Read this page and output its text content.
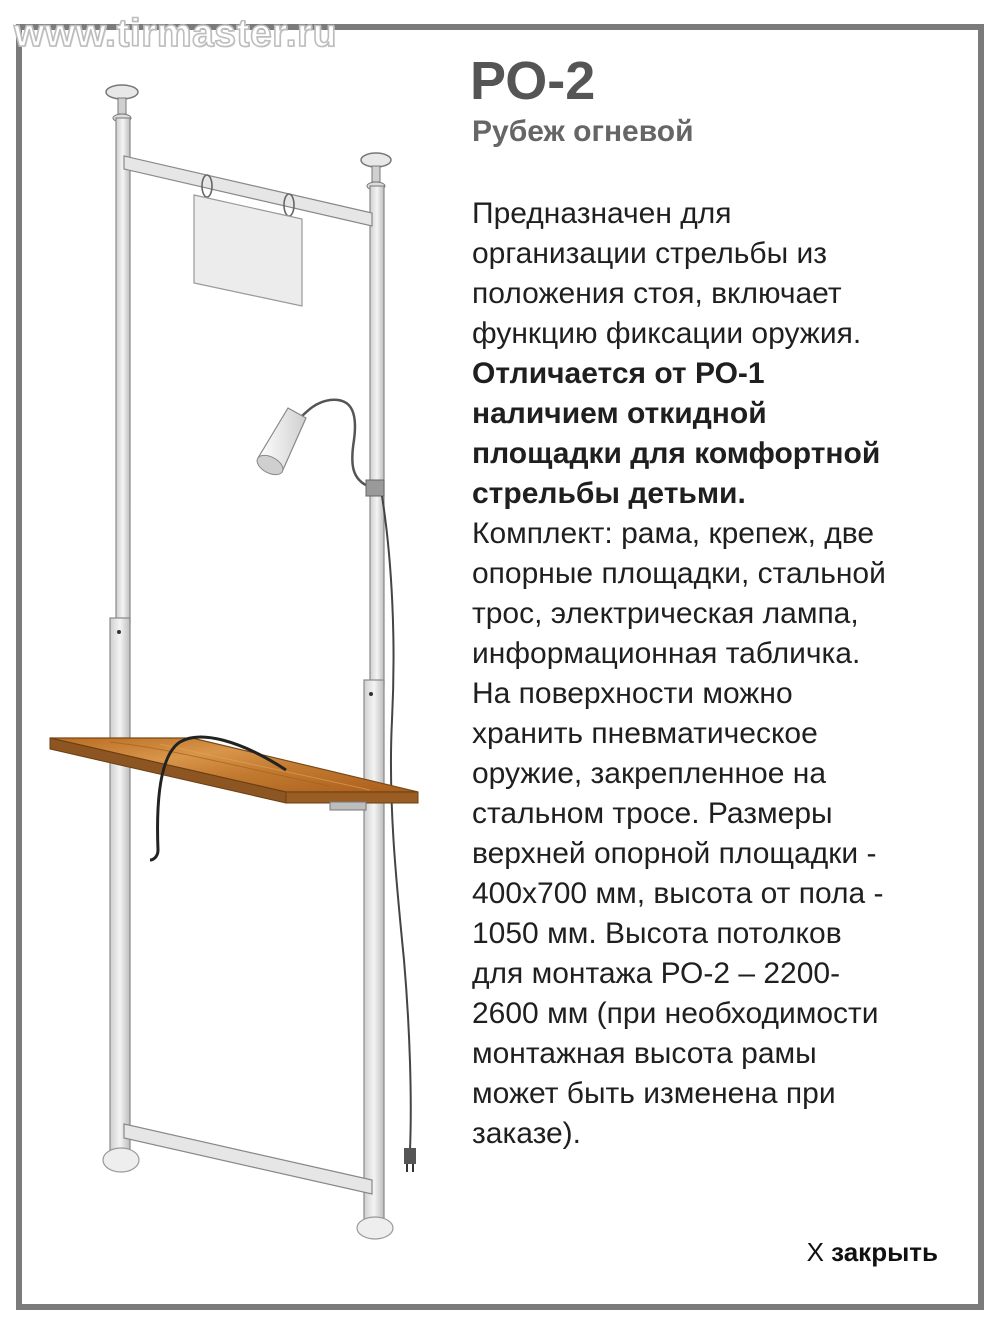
www.tirmaster.ru
РО-2
Рубеж огневой
Предназначен для
организации стрельбы из
положения стоя, включает
функцию фиксации оружия.
Отличается от РО-1
наличием откидной
площадки для комфортной
стрельбы детьми.
Комплект: рама, крепеж, две
опорные площадки, стальной
трос, электрическая лампа,
информационная табличка.
На поверхности можно
хранить пневматическое
оружие, закрепленное на
стальном тросе. Размеры
верхней опорной площадки -
400х700 мм, высота от пола -
1050 мм. Высота потолков
для монтажа РО-2 – 2200-
2600 мм (при необходимости
монтажная высота рамы
может быть изменена при
заказе).
X закрыть
